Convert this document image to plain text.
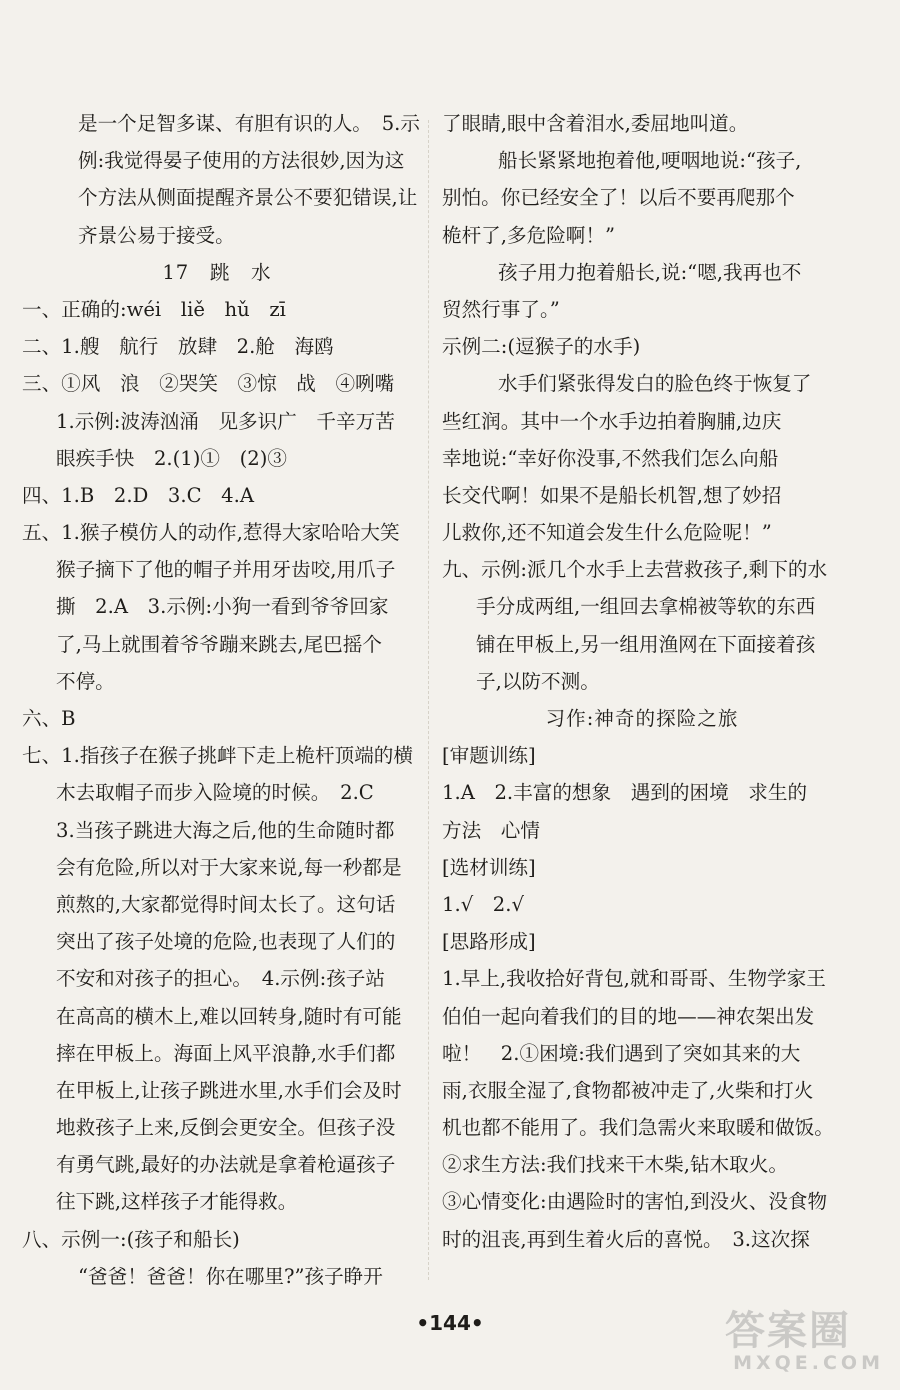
是一个足智多谋、有胆有识的人。　5.示

例:我觉得晏子使用的方法很妙,因为这

个方法从侧面提醒齐景公不要犯错误,让

齐景公易于接受。

17　跳　水

一、正确的:wéi　liě　hǔ　zī

二、1.艘　航行　放肆　2.舱　海鸥

三、①风　浪　②哭笑　③惊　战　④咧嘴

1.示例:波涛汹涌　见多识广　千辛万苦

眼疾手快　2.(1)①　(2)③

四、1.B　2.D　3.C　4.A

五、1.猴子模仿人的动作,惹得大家哈哈大笑

猴子摘下了他的帽子并用牙齿咬,用爪子

撕　2.A　3.示例:小狗一看到爷爷回家

了,马上就围着爷爷蹦来跳去,尾巴摇个

不停。

六、B

七、1.指孩子在猴子挑衅下走上桅杆顶端的横

木去取帽子而步入险境的时候。　2.C

3.当孩子跳进大海之后,他的生命随时都

会有危险,所以对于大家来说,每一秒都是

煎熬的,大家都觉得时间太长了。这句话

突出了孩子处境的危险,也表现了人们的

不安和对孩子的担心。　4.示例:孩子站

在高高的横木上,难以回转身,随时有可能

摔在甲板上。海面上风平浪静,水手们都

在甲板上,让孩子跳进水里,水手们会及时

地救孩子上来,反倒会更安全。但孩子没

有勇气跳,最好的办法就是拿着枪逼孩子

往下跳,这样孩子才能得救。

八、示例一:(孩子和船长)

“爸爸！爸爸！你在哪里?”孩子睁开

了眼睛,眼中含着泪水,委屈地叫道。

船长紧紧地抱着他,哽咽地说:“孩子,

别怕。你已经安全了！以后不要再爬那个

桅杆了,多危险啊！”

孩子用力抱着船长,说:“嗯,我再也不

贸然行事了。”

示例二:(逗猴子的水手)

水手们紧张得发白的脸色终于恢复了

些红润。其中一个水手边拍着胸脯,边庆

幸地说:“幸好你没事,不然我们怎么向船

长交代啊！如果不是船长机智,想了妙招

儿救你,还不知道会发生什么危险呢！”

九、示例:派几个水手上去营救孩子,剩下的水

手分成两组,一组回去拿棉被等软的东西

铺在甲板上,另一组用渔网在下面接着孩

子,以防不测。

习作:神奇的探险之旅

[审题训练]

1.A　2.丰富的想象　遇到的困境　求生的

方法　心情

[选材训练]

1.√　2.√

[思路形成]

1.早上,我收拾好背包,就和哥哥、生物学家王

伯伯一起向着我们的目的地——神农架出发

啦！　2.①困境:我们遇到了突如其来的大

雨,衣服全湿了,食物都被冲走了,火柴和打火

机也都不能用了。我们急需火来取暖和做饭。

②求生方法:我们找来干木柴,钻木取火。

③心情变化:由遇险时的害怕,到没火、没食物

时的沮丧,再到生着火后的喜悦。　3.这次探

•144•	答案圈
MXQE.COM
